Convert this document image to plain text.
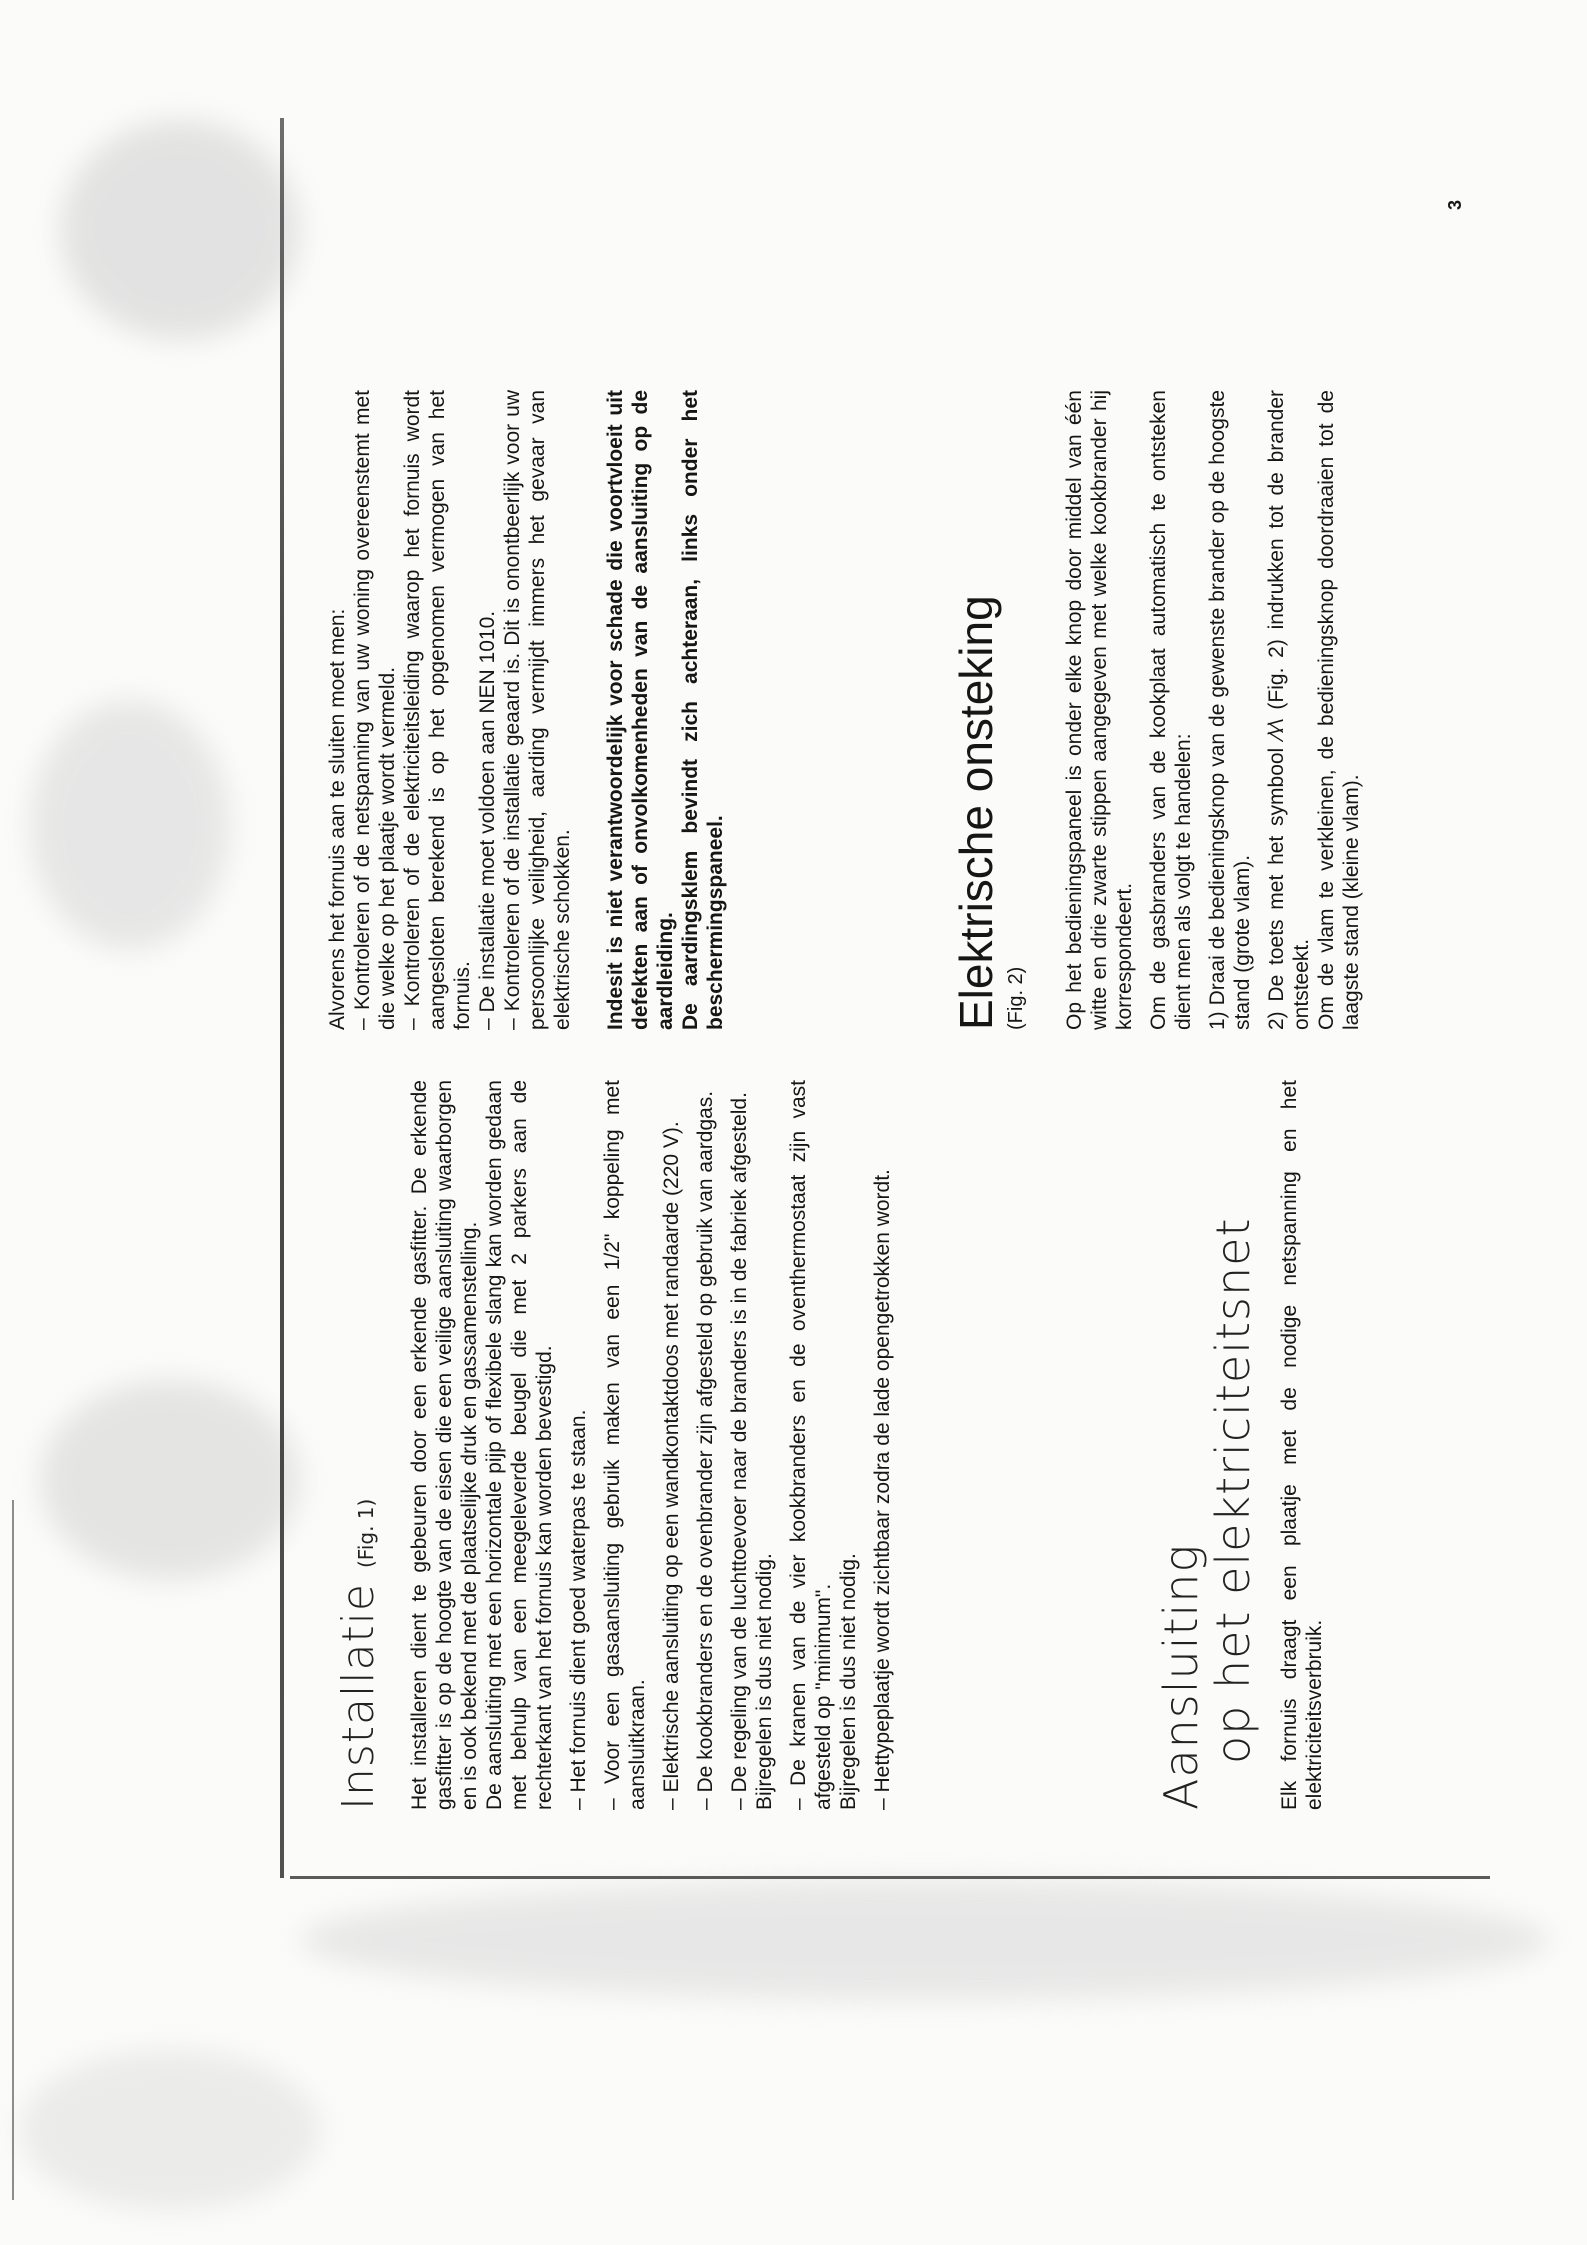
Installatie (Fig. 1)	Het installeren dient te gebeuren door een erkende gasfitter. De erkende gasfitter is op de hoogte van de eisen die een veilige aansluiting waarborgen en is ook bekend met de plaatselijke druk en gassamenstelling. De aansluiting met een horizontale pijp of flexibele slang kan worden gedaan met behulp van een meegeleverde beugel die met 2 parkers aan de rechterkant van het fornuis kan worden bevestigd. – Het fornuis dient goed waterpas te staan. – Voor een gasaansluiting gebruik maken van een 1/2" koppeling met aansluitkraan. – Elektrische aansluiting op een wandkontaktdoos met randaarde (220 V). – De kookbranders en de ovenbrander zijn afgesteld op gebruik van aardgas. – De regeling van de luchttoevoer naar de branders is in de fabriek afgesteld. Bijregelen is dus niet nodig. – De kranen van de vier kookbranders en de oventhermostaat zijn vast afgesteld op "minimum". Bijregelen is dus niet nodig. – Hettypeplaatje wordt zichtbaar zodra de lade opengetrokken wordt.	Aansluiting
op het elektriciteitsnet Elk fornuis draagt een plaatje met de nodige netspanning en het elektriciteitsverbruik.

Alvorens het fornuis aan te sluiten moet men: – Kontroleren of de netspanning van uw woning overeenstemt met die welke op het plaatje wordt vermeld. – Kontroleren of de elektriciteitsleiding waarop het fornuis wordt aangesloten berekend is op het opgenomen vermogen van het fornuis. – De installatie moet voldoen aan NEN 1010. – Kontroleren of de installatie geaard is. Dit is onontbeerlijk voor uw persoonlijke veiligheid, aarding vermijdt immers het gevaar van elektrische schokken. Indesit is niet verantwoordelijk voor schade die voortvloeit uit defekten aan of onvolkomenheden van de aansluiting op de aardleiding. De aardingsklem bevindt zich achteraan, links onder het beschermingspaneel.	Elektrische onsteking (Fig. 2) Op het bedieningspaneel is onder elke knop door middel van één witte en drie zwarte stippen aangegeven met welke kookbrander hij korrespondeert. Om de gasbranders van de kookplaat automatisch te ontsteken dient men als volgt te handelen: 1) Draai de bedieningsknop van de gewenste brander op de hoogste stand (grote vlam). 2) De toets met het symbool ⁄\⁄\ (Fig. 2) indrukken tot de brander ontsteekt. Om de vlam te verkleinen, de bedieningsknop doordraaien tot de laagste stand (kleine vlam).

3
